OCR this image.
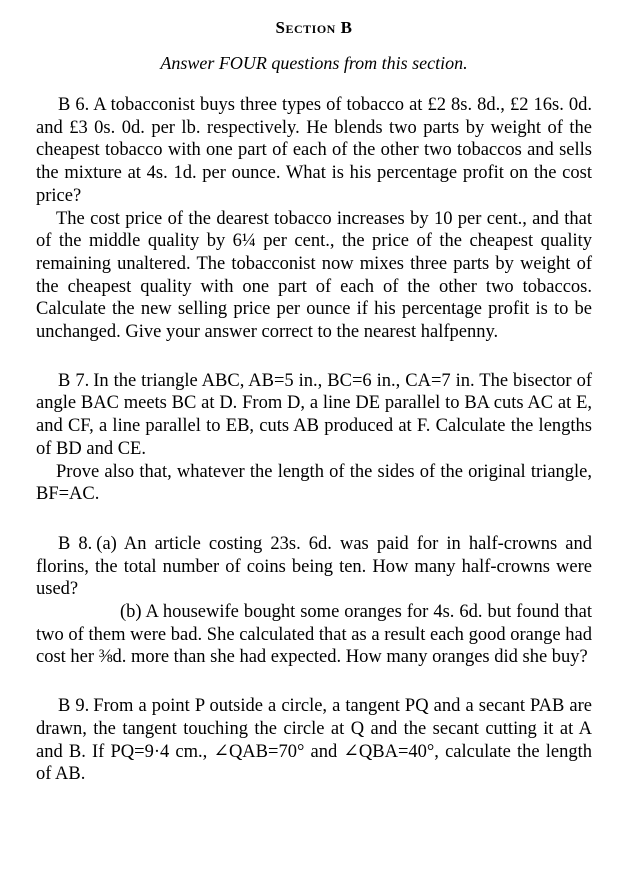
Section B
Answer FOUR questions from this section.

B 6. A tobacconist buys three types of tobacco at £2 8s. 8d., £2 16s. 0d. and £3 0s. 0d. per lb. respectively. He blends two parts by weight of the cheapest tobacco with one part of each of the other two tobaccos and sells the mixture at 4s. 1d. per ounce. What is his percentage profit on the cost price?

The cost price of the dearest tobacco increases by 10 per cent., and that of the middle quality by 6¼ per cent., the price of the cheapest quality remaining unaltered. The tobacconist now mixes three parts by weight of the cheapest quality with one part of each of the other two tobaccos. Calculate the new selling price per ounce if his percentage profit is to be unchanged. Give your answer correct to the nearest halfpenny.

B 7. In the triangle ABC, AB=5 in., BC=6 in., CA=7 in. The bisector of angle BAC meets BC at D. From D, a line DE parallel to BA cuts AC at E, and CF, a line parallel to EB, cuts AB produced at F. Calculate the lengths of BD and CE.

Prove also that, whatever the length of the sides of the original triangle, BF=AC.

B 8. (a) An article costing 23s. 6d. was paid for in half-crowns and florins, the total number of coins being ten. How many half-crowns were used?

(b) A housewife bought some oranges for 4s. 6d. but found that two of them were bad. She calculated that as a result each good orange had cost her ⅜d. more than she had expected. How many oranges did she buy?

B 9. From a point P outside a circle, a tangent PQ and a secant PAB are drawn, the tangent touching the circle at Q and the secant cutting it at A and B. If PQ=9·4 cm., ∠QAB=70° and ∠QBA=40°, calculate the length of AB.
